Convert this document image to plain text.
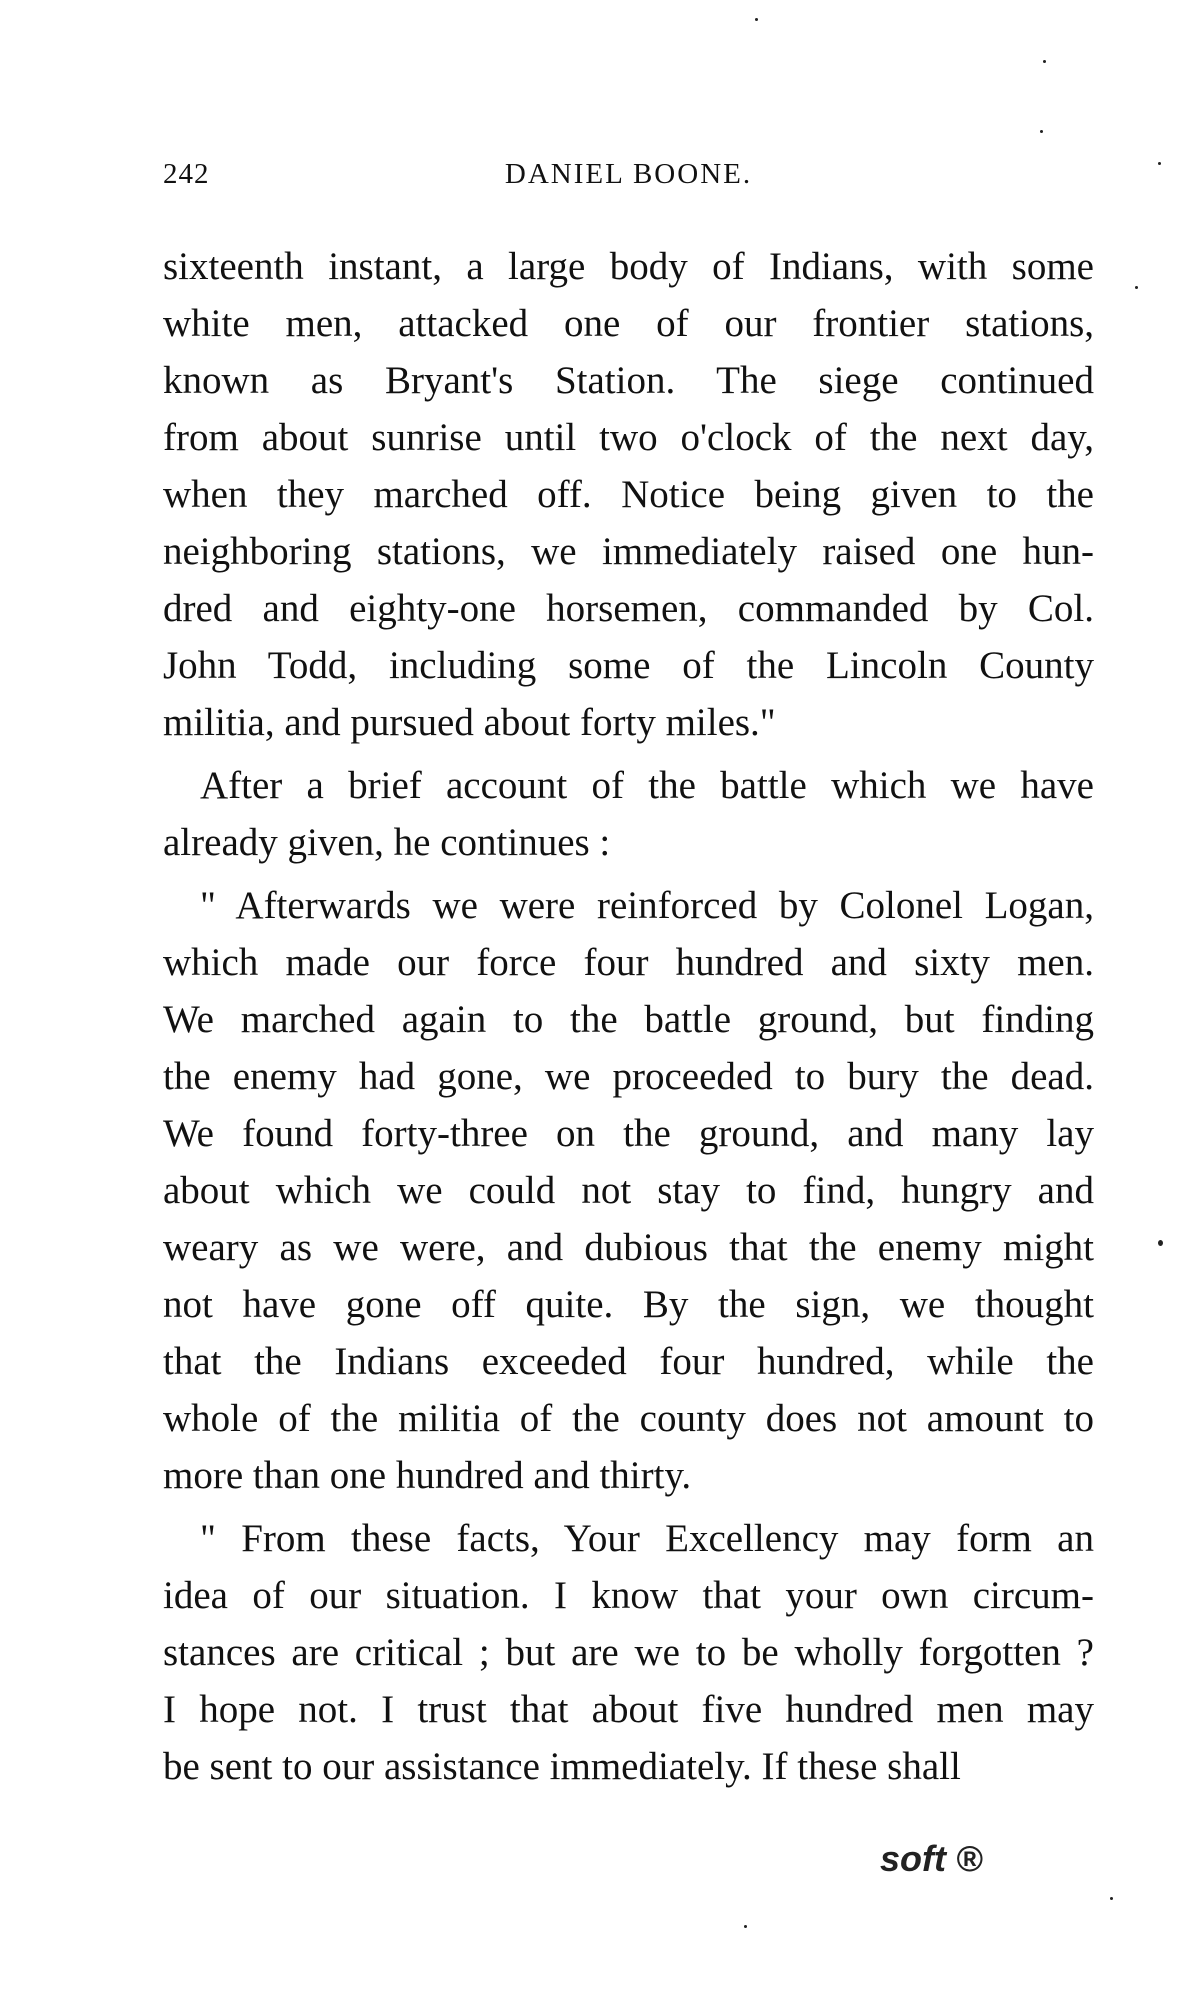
242	DANIEL BOONE.
sixteenth instant, a large body of Indians, with some
white men, attacked one of our frontier stations,
known as Bryant's Station. The siege continued
from about sunrise until two o'clock of the next day,
when they marched off. Notice being given to the
neighboring stations, we immediately raised one hun-
dred and eighty-one horsemen, commanded by Col.
John Todd, including some of the Lincoln County
militia, and pursued about forty miles."
After a brief account of the battle which we have
already given, he continues :
" Afterwards we were reinforced by Colonel Logan,
which made our force four hundred and sixty men.
We marched again to the battle ground, but finding
the enemy had gone, we proceeded to bury the dead.
We found forty-three on the ground, and many lay
about which we could not stay to find, hungry and
weary as we were, and dubious that the enemy might
not have gone off quite. By the sign, we thought
that the Indians exceeded four hundred, while the
whole of the militia of the county does not amount to
more than one hundred and thirty.
" From these facts, Your Excellency may form an
idea of our situation. I know that your own circum-
stances are critical ; but are we to be wholly forgotten ?
I hope not. I trust that about five hundred men may
be sent to our assistance immediately. If these shall
soft ®
